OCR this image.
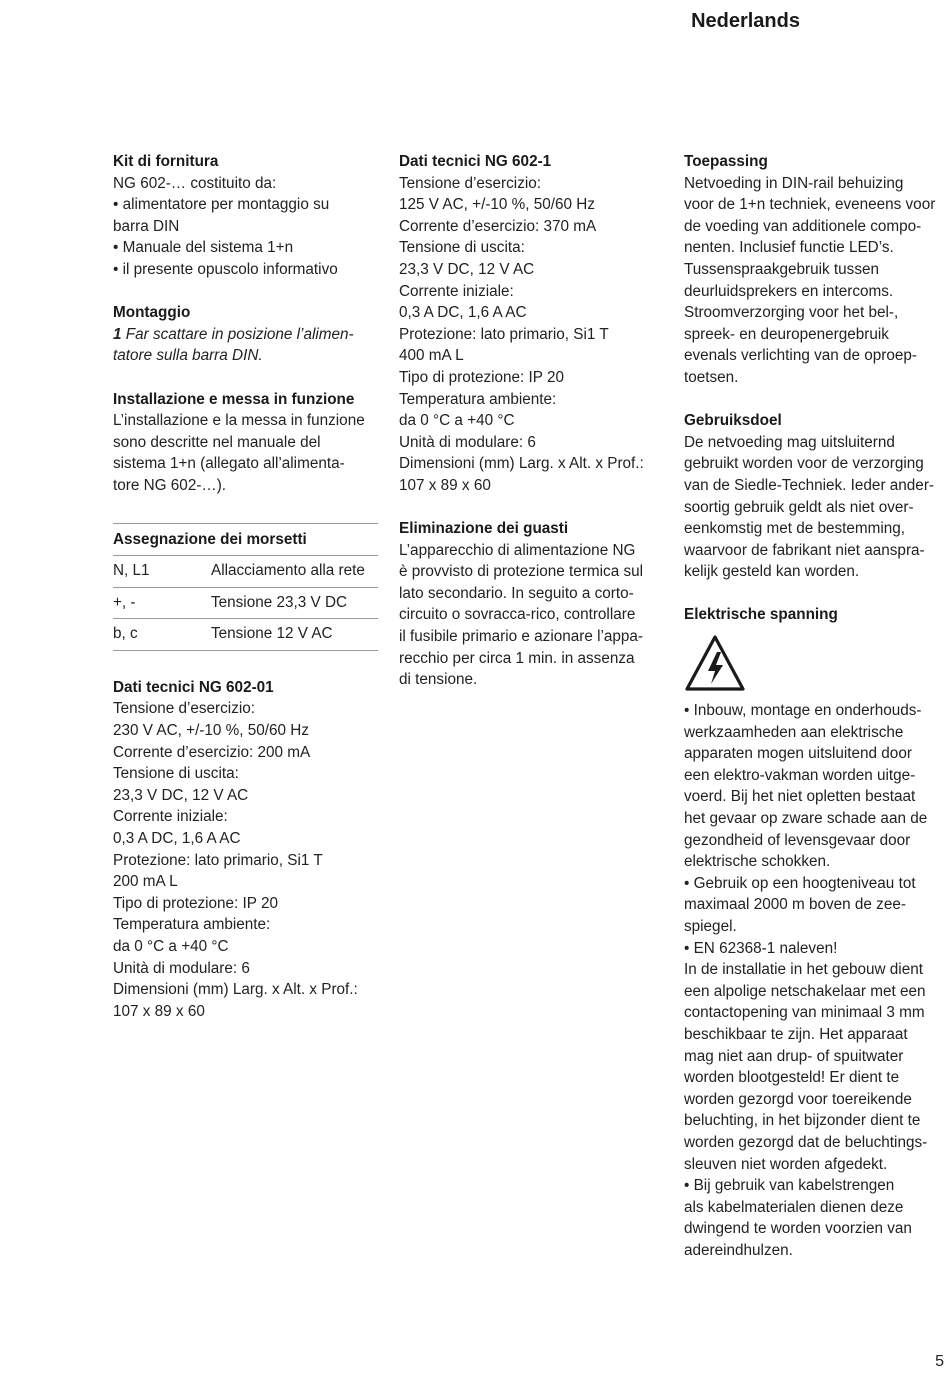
Nederlands

Kit di fornitura

NG 602-… costituito da:

• alimentatore per montaggio su

barra DIN

• Manuale del sistema 1+n

• il presente opuscolo informativo

Montaggio

1 Far scattare in posizione l’alimen-

tatore sulla barra DIN.

Installazione e messa in funzione

L’installazione e la messa in funzione

sono descritte nel manuale del

sistema 1+n (allegato all’alimenta-

tore NG 602-…).

Assegnazione dei morsetti
N, L1	Allacciamento alla rete
+, -	Tensione 23,3 V DC
b, c	Tensione 12 V AC

Dati tecnici NG 602-01

Tensione d’esercizio:

230 V AC, +/-10 %, 50/60 Hz

Corrente d’esercizio: 200 mA

Tensione di uscita:

23,3 V DC, 12 V AC

Corrente iniziale:

0,3 A DC, 1,6 A AC

Protezione: lato primario, Si1 T

200 mA L

Tipo di protezione: IP 20

Temperatura ambiente:

da 0 °C a +40 °C

Unità di modulare: 6

Dimensioni (mm) Larg. x Alt. x Prof.:

107 x 89 x 60

Dati tecnici NG 602-1

Tensione d’esercizio:

125 V AC, +/-10 %, 50/60 Hz

Corrente d’esercizio: 370 mA

Tensione di uscita:

23,3 V DC, 12 V AC

Corrente iniziale:

0,3 A DC, 1,6 A AC

Protezione: lato primario, Si1 T

400 mA L

Tipo di protezione: IP 20

Temperatura ambiente:

da 0 °C a +40 °C

Unità di modulare: 6

Dimensioni (mm) Larg. x Alt. x Prof.:

107 x 89 x 60

Eliminazione dei guasti

L’apparecchio di alimentazione NG

è provvisto di protezione termica sul

lato secondario. In seguito a corto-

circuito o sovracca-rico, controllare

il fusibile primario e azionare l’appa-

recchio per circa 1 min. in assenza

di tensione.

Toepassing

Netvoeding in DIN-rail behuizing

voor de 1+n techniek, eveneens voor

de voeding van additionele compo-

nenten. Inclusief functie LED’s.

Tussenspraakgebruik tussen

deurluidsprekers en intercoms.

Stroomverzorging voor het bel-,

spreek- en deuropenergebruik

evenals verlichting van de oproep-

toetsen.

Gebruiksdoel

De netvoeding mag uitsluiternd

gebruikt worden voor de verzorging

van de Siedle-Techniek. Ieder ander-

soortig gebruik geldt als niet over-

eenkomstig met de bestemming,

waarvoor de fabrikant niet aanspra-

kelijk gesteld kan worden.

Elektrische spanning

• Inbouw, montage en onderhouds-

werkzaamheden aan elektrische

apparaten mogen uitsluitend door

een elektro-vakman worden uitge-

voerd. Bij het niet opletten bestaat

het gevaar op zware schade aan de

gezondheid of levensgevaar door

elektrische schokken.

• Gebruik op een hoogteniveau tot

maximaal 2000 m boven de zee-

spiegel.

• EN 62368-1 naleven!

In de installatie in het gebouw dient

een alpolige netschakelaar met een

contactopening van minimaal 3 mm

beschikbaar te zijn. Het apparaat

mag niet aan drup- of spuitwater

worden blootgesteld! Er dient te

worden gezorgd voor toereikende

beluchting, in het bijzonder dient te

worden gezorgd dat de beluchtings-

sleuven niet worden afgedekt.

• Bij gebruik van kabelstrengen

als kabelmaterialen dienen deze

dwingend te worden voorzien van

adereindhulzen.

5
